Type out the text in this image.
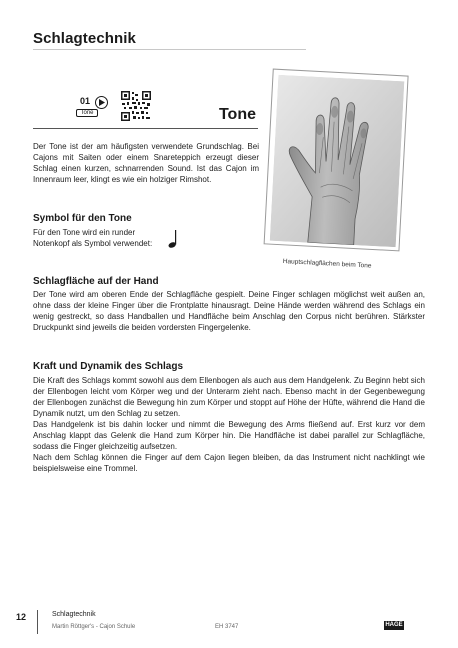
Schlagtechnik
01
Tone	Tone
Der Tone ist der am häufigsten verwendete Grundschlag. Bei Cajons mit Saiten oder einem Snareteppich erzeugt dieser Schlag einen kurzen, schnarrenden Sound. Ist das Cajon im Innenraum leer, klingt es wie ein holziger Rimshot.
Symbol für den Tone
Für den Tone wird ein runder
Notenkopf als Symbol verwendet:
Hauptschlagflächen beim Tone
Schlagfläche auf der Hand
Der Tone wird am oberen Ende der Schlagfläche gespielt. Deine Finger schlagen möglichst weit außen an, ohne dass der kleine Finger über die Frontplatte hinausragt. Deine Hände werden während des Schlags ein wenig gestreckt, so dass Handballen und Handfläche beim Anschlag den Corpus nicht berühren. Stärkster Druckpunkt sind jeweils die beiden vordersten Fingergelenke.
Kraft und Dynamik des Schlags

Die Kraft des Schlags kommt sowohl aus dem Ellenbogen als auch aus dem Handgelenk. Zu Beginn hebt sich der Ellenbogen leicht vom Körper weg und der Unterarm zieht nach. Ebenso macht in der Gegenbewegung der Ellenbogen zunächst die Bewegung hin zum Körper und stoppt auf Höhe der Hüfte, während die Hand die Dynamik nutzt, um den Schlag zu setzen.

Das Handgelenk ist bis dahin locker und nimmt die Bewegung des Arms fließend auf. Erst kurz vor dem Anschlag klappt das Gelenk die Hand zum Körper hin. Die Handfläche ist dabei parallel zur Schlagfläche, sodass die Finger gleichzeitig aufsetzen.

Nach dem Schlag können die Finger auf dem Cajon liegen bleiben, da das Instrument nicht nachklingt wie beispielsweise eine Trommel.

12	Schlagtechnik
Martin Röttger's - Cajon Schule	EH 3747	HAGE
